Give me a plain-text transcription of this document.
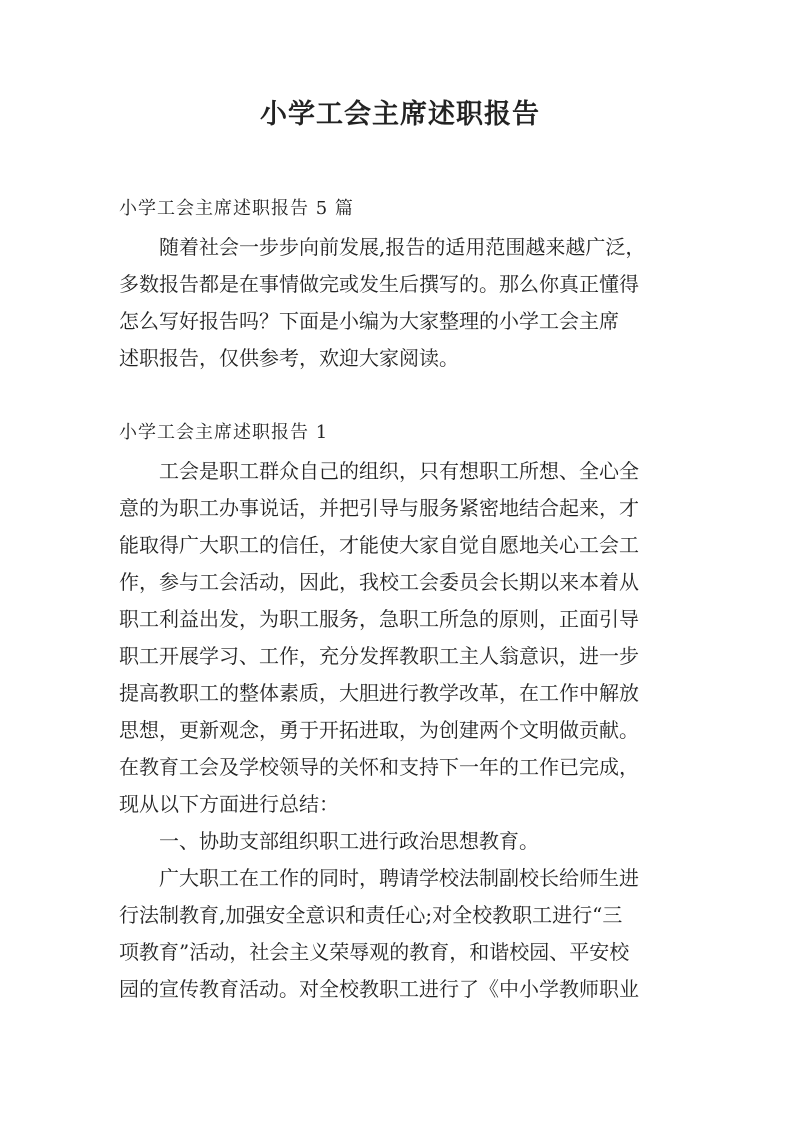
小学工会主席述职报告
小学工会主席述职报告 5 篇
随着社会一步步向前发展,报告的适用范围越来越广泛，
多数报告都是在事情做完或发生后撰写的。那么你真正懂得
怎么写好报告吗？下面是小编为大家整理的小学工会主席
述职报告，仅供参考，欢迎大家阅读。
小学工会主席述职报告 1
工会是职工群众自己的组织，只有想职工所想、全心全
意的为职工办事说话，并把引导与服务紧密地结合起来，才
能取得广大职工的信任，才能使大家自觉自愿地关心工会工
作，参与工会活动，因此，我校工会委员会长期以来本着从
职工利益出发，为职工服务，急职工所急的原则，正面引导
职工开展学习、工作，充分发挥教职工主人翁意识，进一步
提高教职工的整体素质，大胆进行教学改革，在工作中解放
思想，更新观念，勇于开拓进取，为创建两个文明做贡献。
在教育工会及学校领导的关怀和支持下一年的工作已完成，
现从以下方面进行总结：
一、协助支部组织职工进行政治思想教育。
广大职工在工作的同时，聘请学校法制副校长给师生进
行法制教育,加强安全意识和责任心;对全校教职工进行“三
项教育”活动，社会主义荣辱观的教育，和谐校园、平安校
园的宣传教育活动。对全校教职工进行了《中小学教师职业
